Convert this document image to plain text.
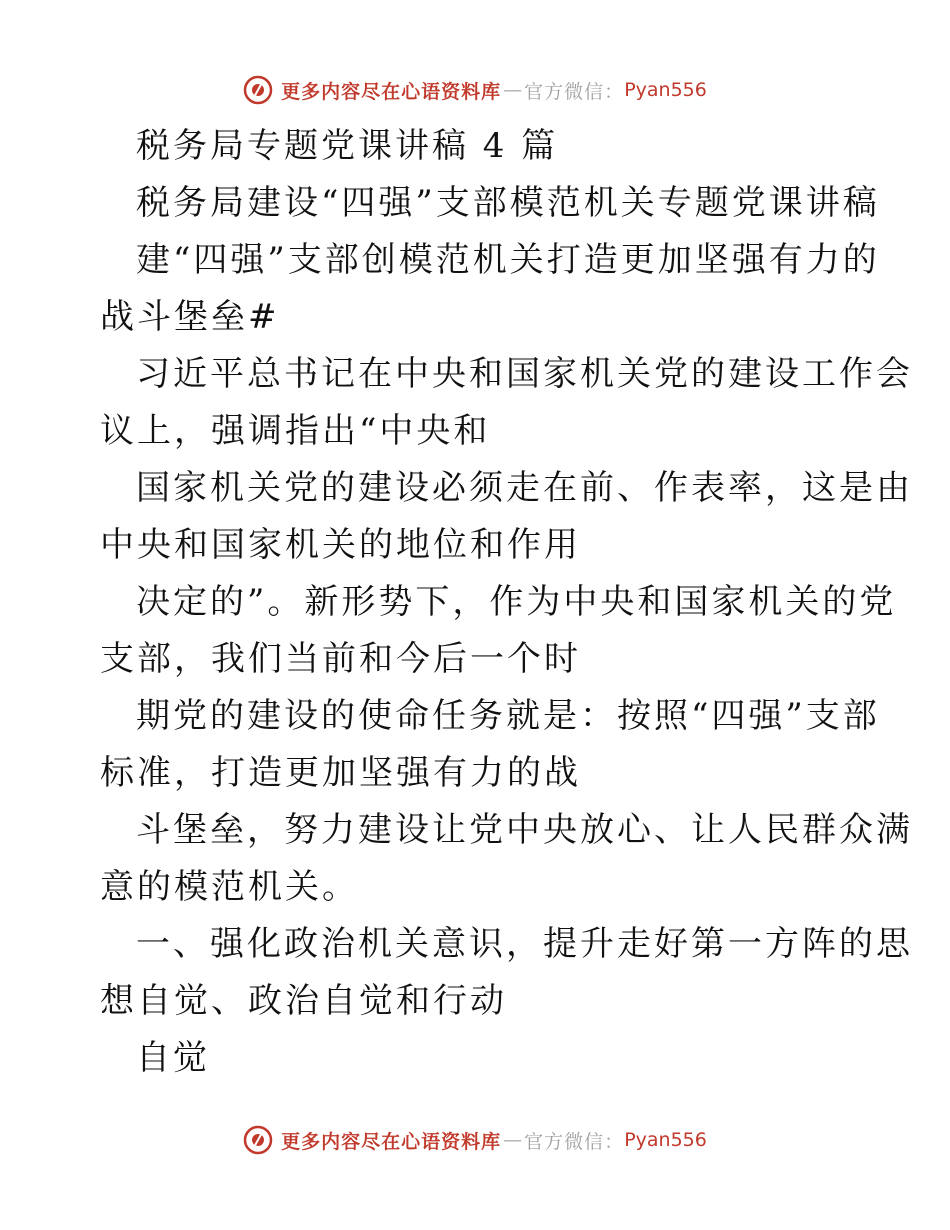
更多内容尽在心语资料库 — 官方微信： Pyan556
税务局专题党课讲稿 4 篇
税务局建设“四强”支部模范机关专题党课讲稿
建“四强”支部创模范机关打造更加坚强有力的
战斗堡垒#
习近平总书记在中央和国家机关党的建设工作会
议上，强调指出“中央和
国家机关党的建设必须走在前、作表率，这是由
中央和国家机关的地位和作用
决定的”。新形势下，作为中央和国家机关的党
支部，我们当前和今后一个时
期党的建设的使命任务就是：按照“四强”支部
标准，打造更加坚强有力的战
斗堡垒，努力建设让党中央放心、让人民群众满
意的模范机关。
一、强化政治机关意识，提升走好第一方阵的思
想自觉、政治自觉和行动
自觉
更多内容尽在心语资料库 — 官方微信： Pyan556
